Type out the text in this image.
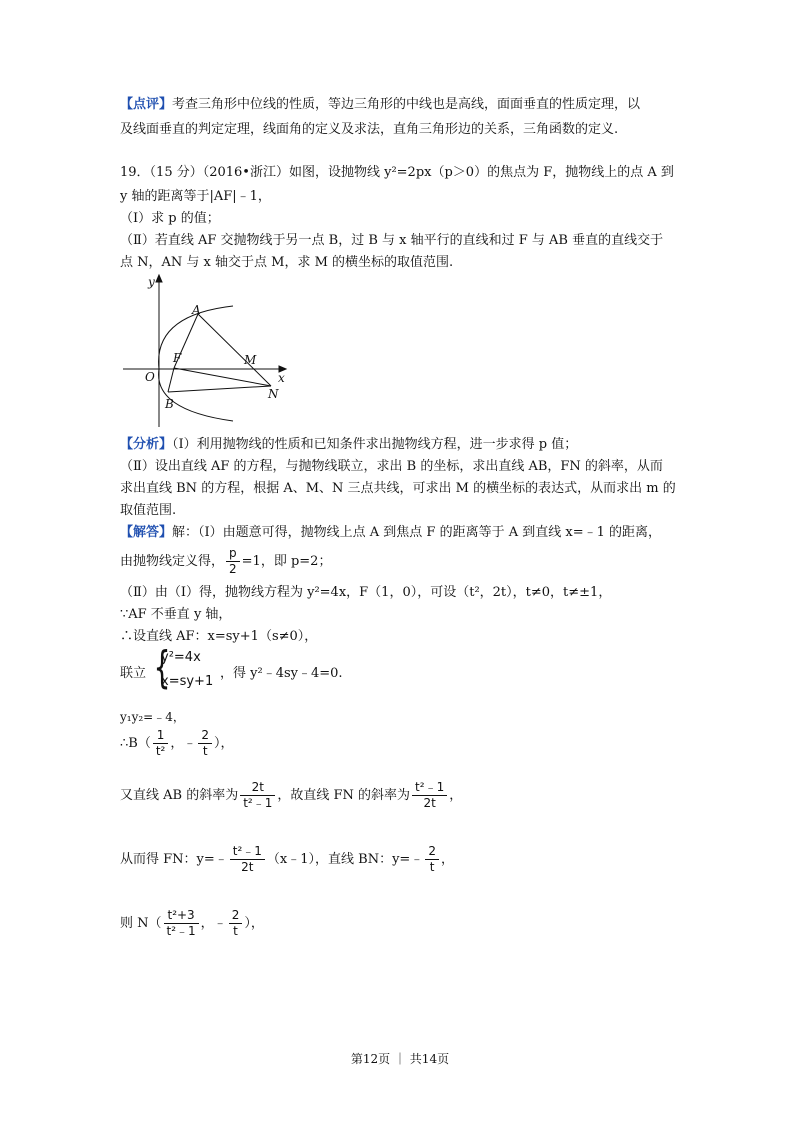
【点评】考查三角形中位线的性质，等边三角形的中线也是高线，面面垂直的性质定理，以
及线面垂直的判定定理，线面角的定义及求法，直角三角形边的关系，三角函数的定义.
19．（15 分）（2016•浙江）如图，设抛物线 y²=2px（p＞0）的焦点为 F，抛物线上的点 A 到
y 轴的距离等于|AF|﹣1，
（Ⅰ）求 p 的值；
（Ⅱ）若直线 AF 交抛物线于另一点 B，过 B 与 x 轴平行的直线和过 F 与 AB 垂直的直线交于
点 N，AN 与 x 轴交于点 M，求 M 的横坐标的取值范围.
y
x
O
A
F	M
B
N
【分析】（Ⅰ）利用抛物线的性质和已知条件求出抛物线方程，进一步求得 p 值；
（Ⅱ）设出直线 AF 的方程，与抛物线联立，求出 B 的坐标，求出直线 AB，FN 的斜率，从而
求出直线 BN 的方程，根据 A、M、N 三点共线，可求出 M 的横坐标的表达式，从而求出 m 的
取值范围.
【解答】解：（Ⅰ）由题意可得，抛物线上点 A 到焦点 F 的距离等于 A 到直线 x=﹣1 的距离，
由抛物线定义得， $\frac{p}{2} =1$，即 p=2；
（Ⅱ）由（Ⅰ）得，抛物线方程为 y²=4x，F（1，0），可设（t²，2t），t≠0，t≠±1，
∵AF 不垂直 y 轴，
∴设直线 AF：x=sy+1（s≠0），
联立 {
y²=4x
x=sy+1
，得 y²﹣4sy﹣4=0.
y₁y₂=﹣4，
∴B（ $\frac{1}{\text{t²}}$ ，﹣ $\frac{2}{t}$ ），
又直线 AB 的斜率为 $\frac{2t}{\text{t²﹣1}}$ ，故直线 FN 的斜率为 $\frac{\text{t²﹣1}}{2t}$ ，
从而得 FN：y=﹣ $\frac{\text{t²﹣1}}{2t}$ （x﹣1），直线 BN：y=﹣ $\frac{2}{t}$ ，
则 $N( \frac{\text{t²+3}}{\text{t²﹣1}}$ ，﹣ $\frac{2}{t}$ ），
第12页 ｜ 共14页
